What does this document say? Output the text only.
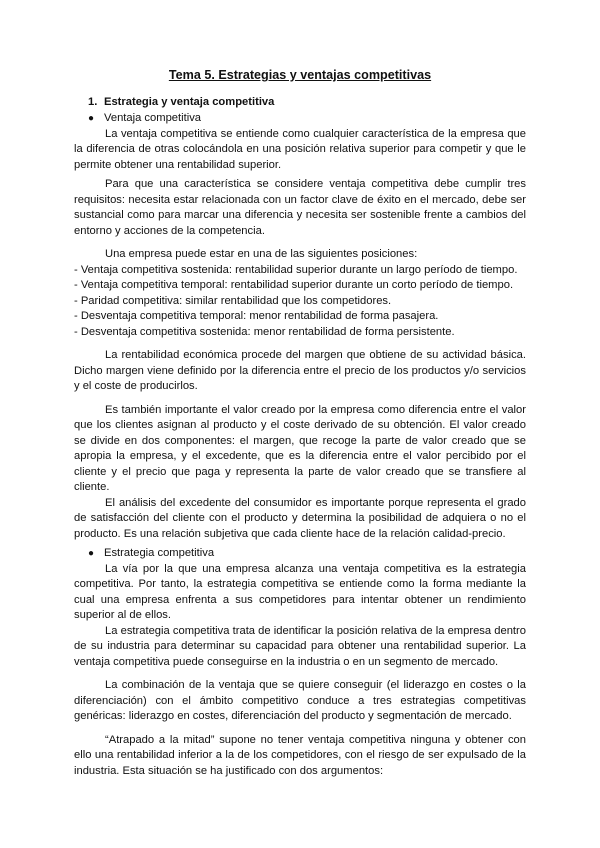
Tema 5. Estrategias y ventajas competitivas
1. Estrategia y ventaja competitiva
● Ventaja competitiva

La ventaja competitiva se entiende como cualquier característica de la empresa que la diferencia de otras colocándola en una posición relativa superior para competir y que le permite obtener una rentabilidad superior.

Para que una característica se considere ventaja competitiva debe cumplir tres requisitos: necesita estar relacionada con un factor clave de éxito en el mercado, debe ser sustancial como para marcar una diferencia y necesita ser sostenible frente a cambios del entorno y acciones de la competencia.

Una empresa puede estar en una de las siguientes posiciones:

- Ventaja competitiva sostenida: rentabilidad superior durante un largo período de tiempo.
- Ventaja competitiva temporal: rentabilidad superior durante un corto período de tiempo.
- Paridad competitiva: similar rentabilidad que los competidores.
- Desventaja competitiva temporal: menor rentabilidad de forma pasajera.
- Desventaja competitiva sostenida: menor rentabilidad de forma persistente.

La rentabilidad económica procede del margen que obtiene de su actividad básica. Dicho margen viene definido por la diferencia entre el precio de los productos y/o servicios y el coste de producirlos.

Es también importante el valor creado por la empresa como diferencia entre el valor que los clientes asignan al producto y el coste derivado de su obtención. El valor creado se divide en dos componentes: el margen, que recoge la parte de valor creado que se apropia la empresa, y el excedente, que es la diferencia entre el valor percibido por el cliente y el precio que paga y representa la parte de valor creado que se transfiere al cliente.

El análisis del excedente del consumidor es importante porque representa el grado de satisfacción del cliente con el producto y determina la posibilidad de adquiera o no el producto. Es una relación subjetiva que cada cliente hace de la relación calidad-precio.

● Estrategia competitiva

La vía por la que una empresa alcanza una ventaja competitiva es la estrategia competitiva. Por tanto, la estrategia competitiva se entiende como la forma mediante la cual una empresa enfrenta a sus competidores para intentar obtener un rendimiento superior al de ellos.

La estrategia competitiva trata de identificar la posición relativa de la empresa dentro de su industria para determinar su capacidad para obtener una rentabilidad superior. La ventaja competitiva puede conseguirse en la industria o en un segmento de mercado.

La combinación de la ventaja que se quiere conseguir (el liderazgo en costes o la diferenciación) con el ámbito competitivo conduce a tres estrategias competitivas genéricas: liderazgo en costes, diferenciación del producto y segmentación de mercado.

“Atrapado a la mitad” supone no tener ventaja competitiva ninguna y obtener con ello una rentabilidad inferior a la de los competidores, con el riesgo de ser expulsado de la industria. Esta situación se ha justificado con dos argumentos:
